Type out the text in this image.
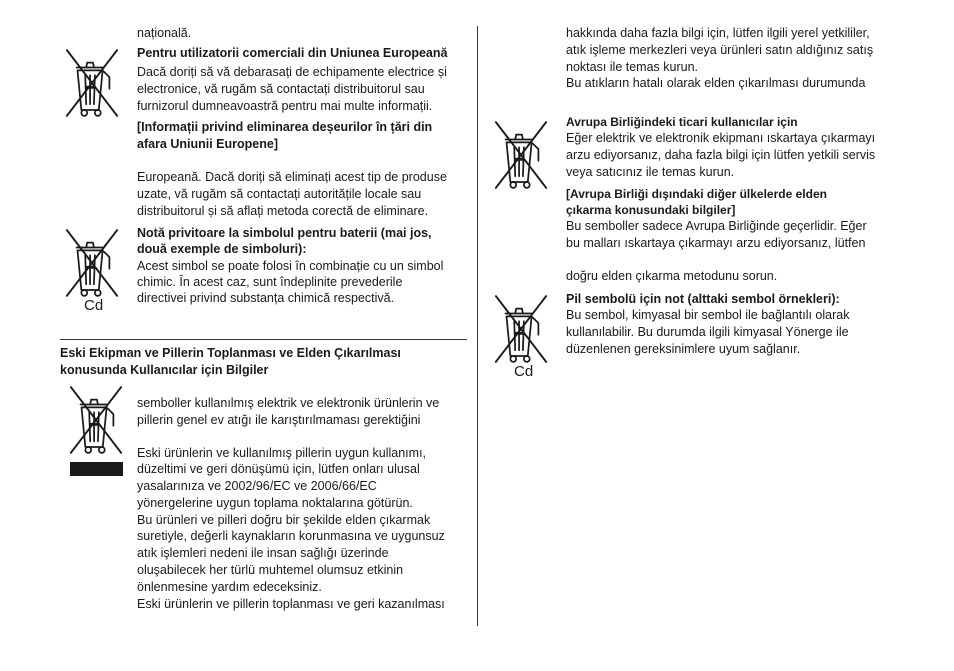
națională.

Pentru utilizatorii comerciali din Uniunea Europeană

Dacă doriți să vă debarasați de echipamente electrice și

electronice, vă rugăm să contactați distribuitorul sau

furnizorul dumneavoastră pentru mai multe informații.

[Informații privind eliminarea deșeurilor în țări din

afara Uniunii Europene]

Europeană. Dacă doriți să eliminați acest tip de produse

uzate, vă rugăm să contactați autoritățile locale sau

distribuitorul și să aflați metoda corectă de eliminare.

Cd

Notă privitoare la simbolul pentru baterii (mai jos,

două exemple de simboluri):

Acest simbol se poate folosi în combinație cu un simbol

chimic. În acest caz, sunt îndeplinite prevederile

directivei privind substanța chimică respectivă.

Eski Ekipman ve Pillerin Toplanması ve Elden Çıkarılması

konusunda Kullanıcılar için Bilgiler

semboller kullanılmış elektrik ve elektronik ürünlerin ve

pillerin genel ev atığı ile karıştırılmaması gerektiğini

Eski ürünlerin ve kullanılmış pillerin uygun kullanımı,

düzeltimi ve geri dönüşümü için, lütfen onları ulusal

yasalarınıza ve 2002/96/EC ve 2006/66/EC

yönergelerine uygun toplama noktalarına götürün.

Bu ürünleri ve pilleri doğru bir şekilde elden çıkarmak

suretiyle, değerli kaynakların korunmasına ve uygunsuz

atık işlemleri nedeni ile insan sağlığı üzerinde

oluşabilecek her türlü muhtemel olumsuz etkinin

önlenmesine yardım edeceksiniz.

Eski ürünlerin ve pillerin toplanması ve geri kazanılması

hakkında daha fazla bilgi için, lütfen ilgili yerel yetkililer,

atık işleme merkezleri veya ürünleri satın aldığınız satış

noktası ile temas kurun.

Bu atıkların hatalı olarak elden çıkarılması durumunda

Avrupa Birliğindeki ticari kullanıcılar için

Eğer elektrik ve elektronik ekipmanı ıskartaya çıkarmayı

arzu ediyorsanız, daha fazla bilgi için lütfen yetkili servis

veya satıcınız ile temas kurun.

[Avrupa Birliği dışındaki diğer ülkelerde elden

çıkarma konusundaki bilgiler]

Bu semboller sadece Avrupa Birliğinde geçerlidir. Eğer

bu malları ıskartaya çıkarmayı arzu ediyorsanız, lütfen

doğru elden çıkarma metodunu sorun.

Cd

Pil sembolü için not (alttaki sembol örnekleri):

Bu sembol, kimyasal bir sembol ile bağlantılı olarak

kullanılabilir. Bu durumda ilgili kimyasal Yönerge ile

düzenlenen gereksinimlere uyum sağlanır.
